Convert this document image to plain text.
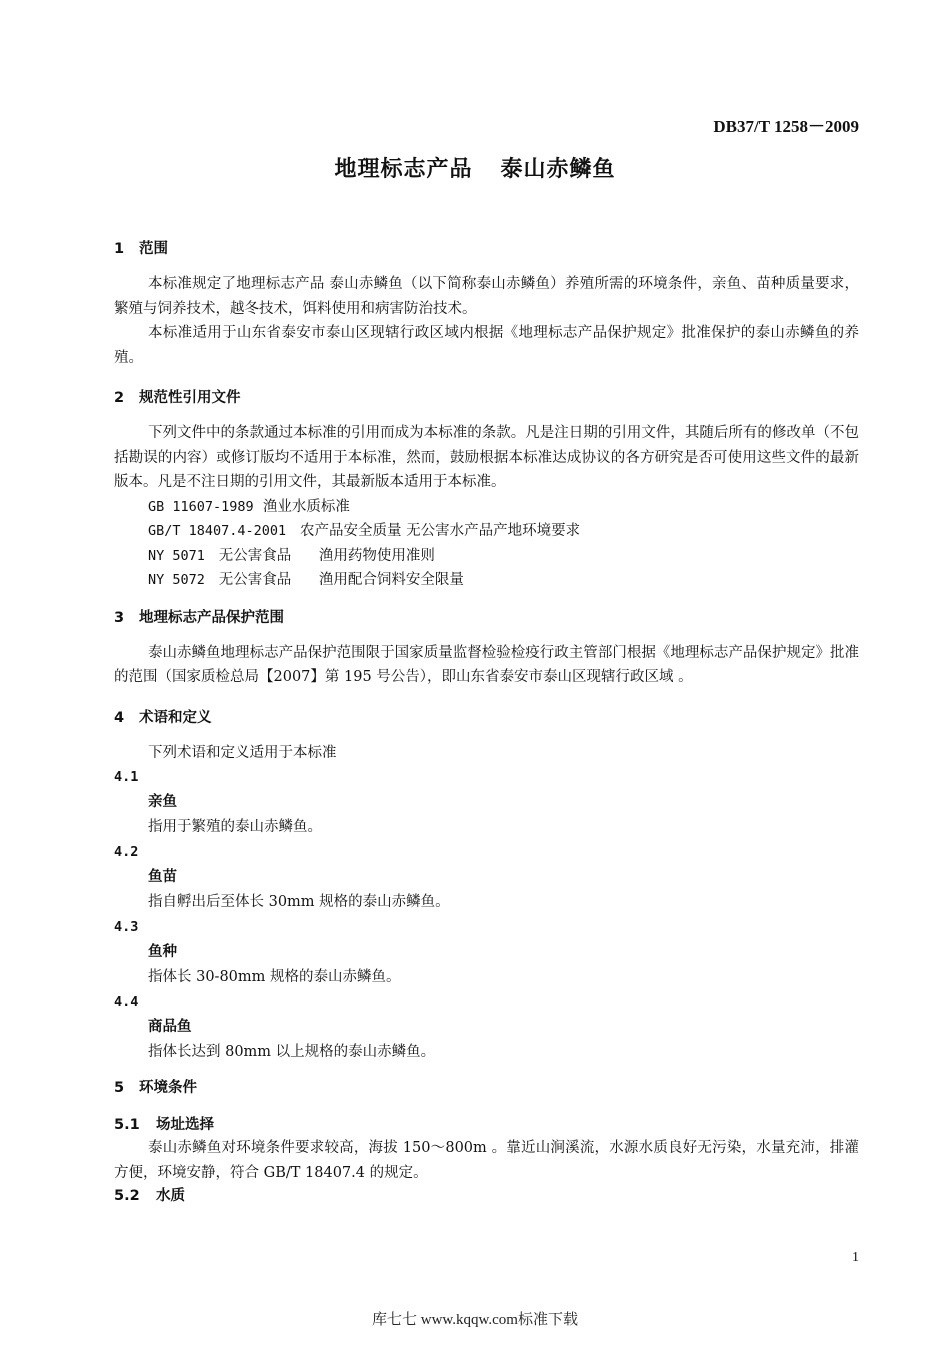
DB37/T 1258－2009
地理标志产品 泰山赤鳞鱼
1 范围
本标准规定了地理标志产品 泰山赤鳞鱼（以下简称泰山赤鳞鱼）养殖所需的环境条件，亲鱼、苗种质量要求，繁殖与饲养技术，越冬技术，饵料使用和病害防治技术。
本标准适用于山东省泰安市泰山区现辖行政区域内根据《地理标志产品保护规定》批准保护的泰山赤鳞鱼的养殖。
2 规范性引用文件
下列文件中的条款通过本标准的引用而成为本标准的条款。凡是注日期的引用文件，其随后所有的修改单（不包括勘误的内容）或修订版均不适用于本标准，然而，鼓励根据本标准达成协议的各方研究是否可使用这些文件的最新版本。凡是不注日期的引用文件，其最新版本适用于本标准。
GB 11607-1989 渔业水质标准
GB/T 18407.4-2001 农产品安全质量 无公害水产品产地环境要求
NY 5071 无公害食品      渔用药物使用准则
NY 5072 无公害食品      渔用配合饲料安全限量
3 地理标志产品保护范围
泰山赤鳞鱼地理标志产品保护范围限于国家质量监督检验检疫行政主管部门根据《地理标志产品保护规定》批准的范围（国家质检总局【2007】第 195 号公告），即山东省泰安市泰山区现辖行政区域 。
4 术语和定义
下列术语和定义适用于本标准
4.1
亲鱼
指用于繁殖的泰山赤鳞鱼。
4.2
鱼苗
指自孵出后至体长 30mm 规格的泰山赤鳞鱼。
4.3
鱼种
指体长 30-80mm 规格的泰山赤鳞鱼。
4.4
商品鱼
指体长达到 80mm 以上规格的泰山赤鳞鱼。
5 环境条件
5.1 场址选择
泰山赤鳞鱼对环境条件要求较高，海拔 150～800m 。靠近山涧溪流，水源水质良好无污染，水量充沛，排灌方便，环境安静，符合 GB/T 18407.4 的规定。
5.2 水质
1
库七七 www.kqqw.com标准下载
